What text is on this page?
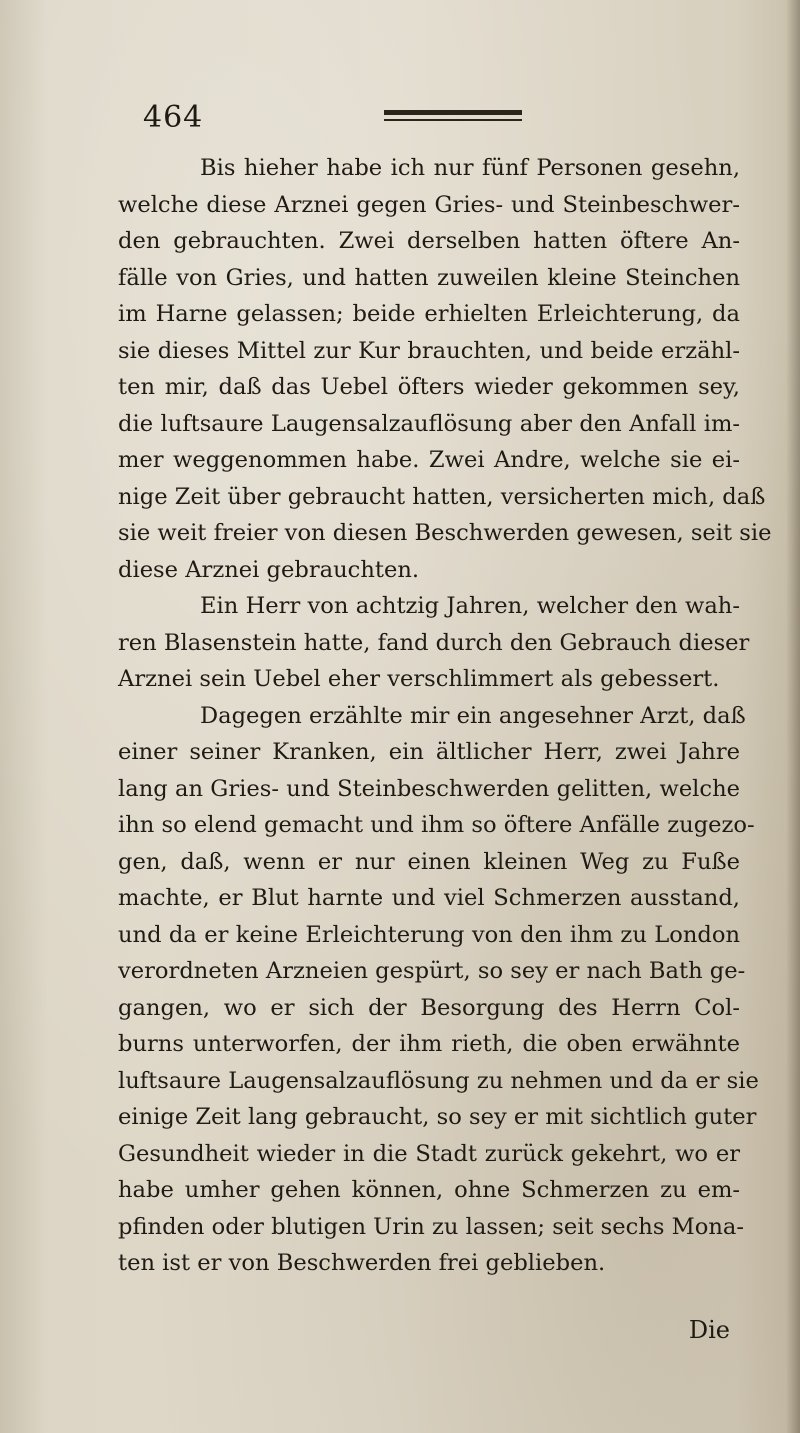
464

Bis hieher habe ich nur fünf Personen gesehn,

welche diese Arznei gegen Gries- und Steinbeschwer-

den gebrauchten. Zwei derselben hatten öftere An-

fälle von Gries, und hatten zuweilen kleine Steinchen

im Harne gelassen; beide erhielten Erleichterung, da

sie dieses Mittel zur Kur brauchten, und beide erzähl-

ten mir, daß das Uebel öfters wieder gekommen sey,

die luftsaure Laugensalzauflösung aber den Anfall im-

mer weggenommen habe. Zwei Andre, welche sie ei-

nige Zeit über gebraucht hatten, versicherten mich, daß

sie weit freier von diesen Beschwerden gewesen, seit sie

diese Arznei gebrauchten.

Ein Herr von achtzig Jahren, welcher den wah-

ren Blasenstein hatte, fand durch den Gebrauch dieser

Arznei sein Uebel eher verschlimmert als gebessert.

Dagegen erzählte mir ein angesehner Arzt, daß

einer seiner Kranken, ein ältlicher Herr, zwei Jahre

lang an Gries- und Steinbeschwerden gelitten, welche

ihn so elend gemacht und ihm so öftere Anfälle zugezo-

gen, daß, wenn er nur einen kleinen Weg zu Fuße

machte, er Blut harnte und viel Schmerzen ausstand,

und da er keine Erleichterung von den ihm zu London

verordneten Arzneien gespürt, so sey er nach Bath ge-

gangen, wo er sich der Besorgung des Herrn Col-

burns unterworfen, der ihm rieth, die oben erwähnte

luftsaure Laugensalzauflösung zu nehmen und da er sie

einige Zeit lang gebraucht, so sey er mit sichtlich guter

Gesundheit wieder in die Stadt zurück gekehrt, wo er

habe umher gehen können, ohne Schmerzen zu em-

pfinden oder blutigen Urin zu lassen; seit sechs Mona-

ten ist er von Beschwerden frei geblieben.

Die
